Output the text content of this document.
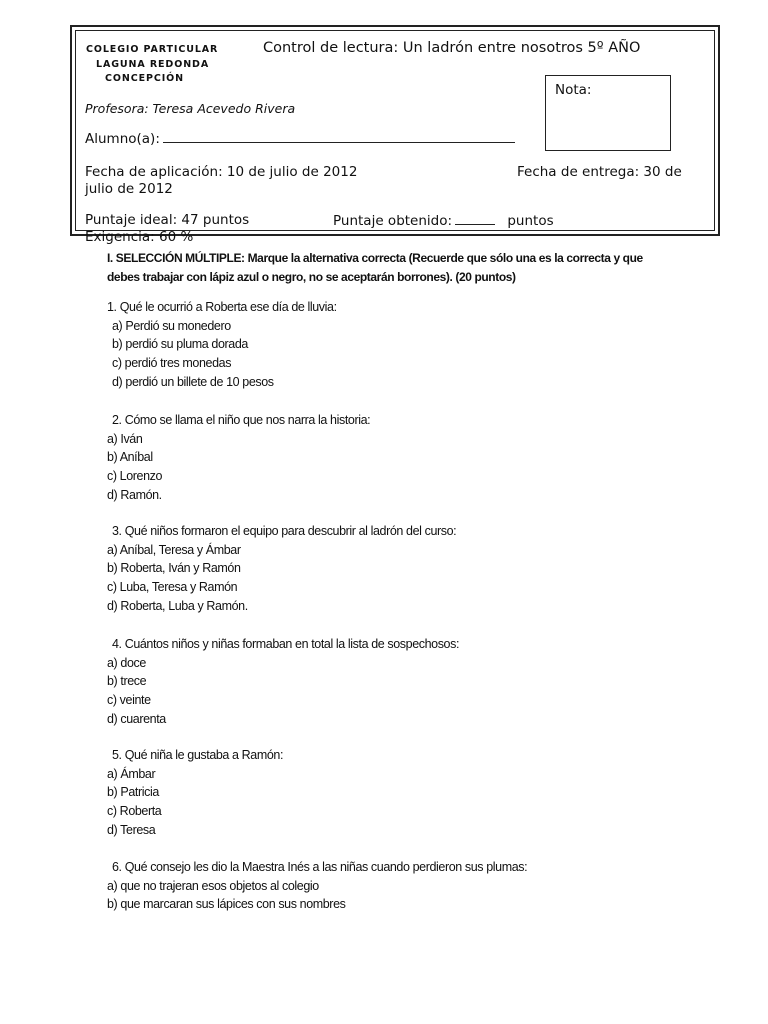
COLEGIO PARTICULAR
LAGUNA REDONDA
CONCEPCIÓN
Control de lectura: Un ladrón entre nosotros 5º AÑO
Nota:
Profesora: Teresa Acevedo Rivera
Alumno(a):
Fecha de aplicación: 10 de julio de 2012	Fecha de entrega: 30 de
julio de 2012
Puntaje ideal: 47 puntos	Puntaje obtenido:	puntos
Exigencia: 60 %
I. SELECCIÓN MÚLTIPLE: Marque la alternativa correcta (Recuerde que sólo una es la correcta y que
debes trabajar con lápiz azul o negro, no se aceptarán borrones). (20 puntos)
1. Qué le ocurrió a Roberta ese día de lluvia:
a) Perdió su monedero
b) perdió su pluma dorada
c) perdió tres monedas
d) perdió un billete de 10 pesos
2. Cómo se llama el niño que nos narra la historia:
a) Iván
b) Aníbal
c) Lorenzo
d) Ramón.
3. Qué niños formaron el equipo para descubrir al ladrón del curso:
a) Aníbal, Teresa y Ámbar
b) Roberta, Iván y Ramón
c) Luba, Teresa y Ramón
d) Roberta, Luba y Ramón.
4. Cuántos niños y niñas formaban en total la lista de sospechosos:
a) doce
b) trece
c) veinte
d) cuarenta
5. Qué niña le gustaba a Ramón:
a) Ámbar
b) Patricia
c) Roberta
d) Teresa
6. Qué consejo les dio la Maestra Inés a las niñas cuando perdieron sus plumas:
a) que no trajeran esos objetos al colegio
b) que marcaran sus lápices con sus nombres
